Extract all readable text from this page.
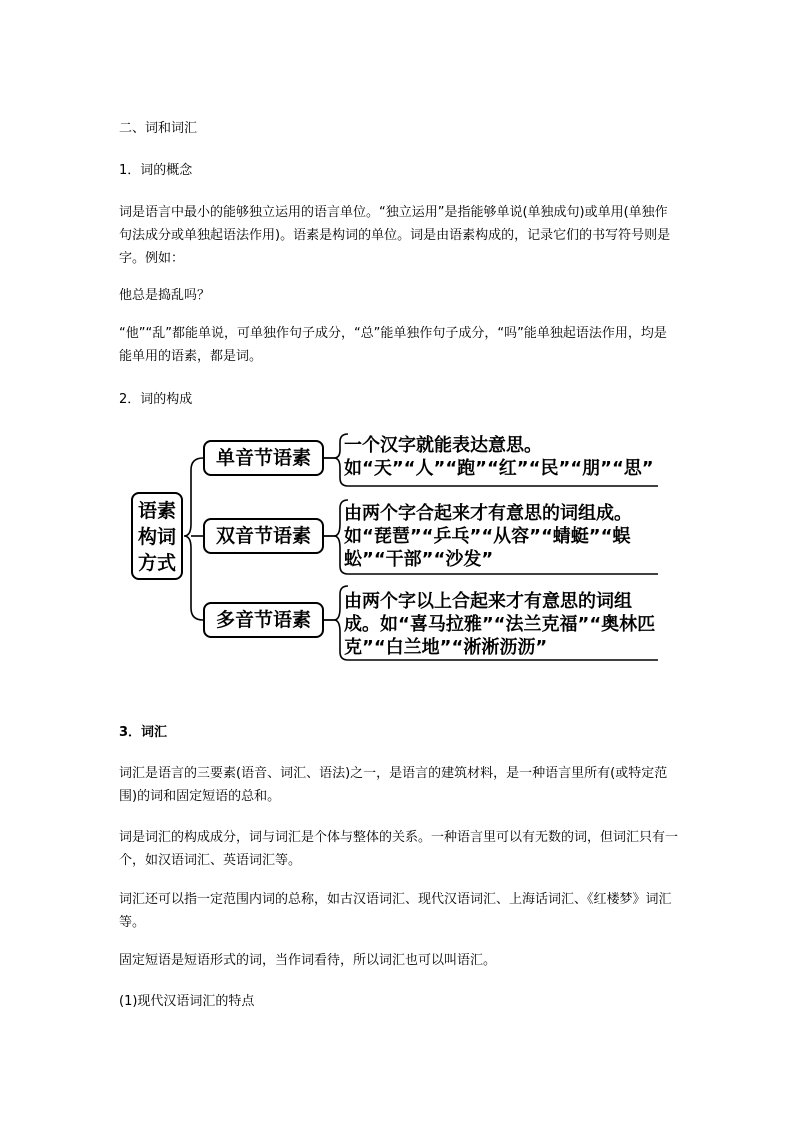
二、词和词汇
1．词的概念
词是语言中最小的能够独立运用的语言单位。“独立运用”是指能够单说(单独成句)或单用(单独作句法成分或单独起语法作用)。语素是构词的单位。词是由语素构成的，记录它们的书写符号则是字。例如：
他总是捣乱吗？
“他”“乱”都能单说，可单独作句子成分，“总”能单独作句子成分，“吗”能单独起语法作用，均是能单用的语素，都是词。
2．词的构成
语素构词方式
单音节语素
一个汉字就能表达意思。如“天”“人”“跑”“红”“民”“朋”“思”
双音节语素
由两个字合起来才有意思的词组成。如“琵琶”“乒乓”“从容”“蜻蜓”“蜈蚣”“干部”“沙发”
多音节语素
由两个字以上合起来才有意思的词组成。如“喜马拉雅”“法兰克福”“奥林匹克”“白兰地”“淅淅沥沥”
3．词汇
词汇是语言的三要素(语音、词汇、语法)之一，是语言的建筑材料，是一种语言里所有(或特定范围)的词和固定短语的总和。
词是词汇的构成成分，词与词汇是个体与整体的关系。一种语言里可以有无数的词，但词汇只有一个，如汉语词汇、英语词汇等。
词汇还可以指一定范围内词的总称，如古汉语词汇、现代汉语词汇、上海话词汇、《红楼梦》词汇等。
固定短语是短语形式的词，当作词看待，所以词汇也可以叫语汇。
(1)现代汉语词汇的特点
